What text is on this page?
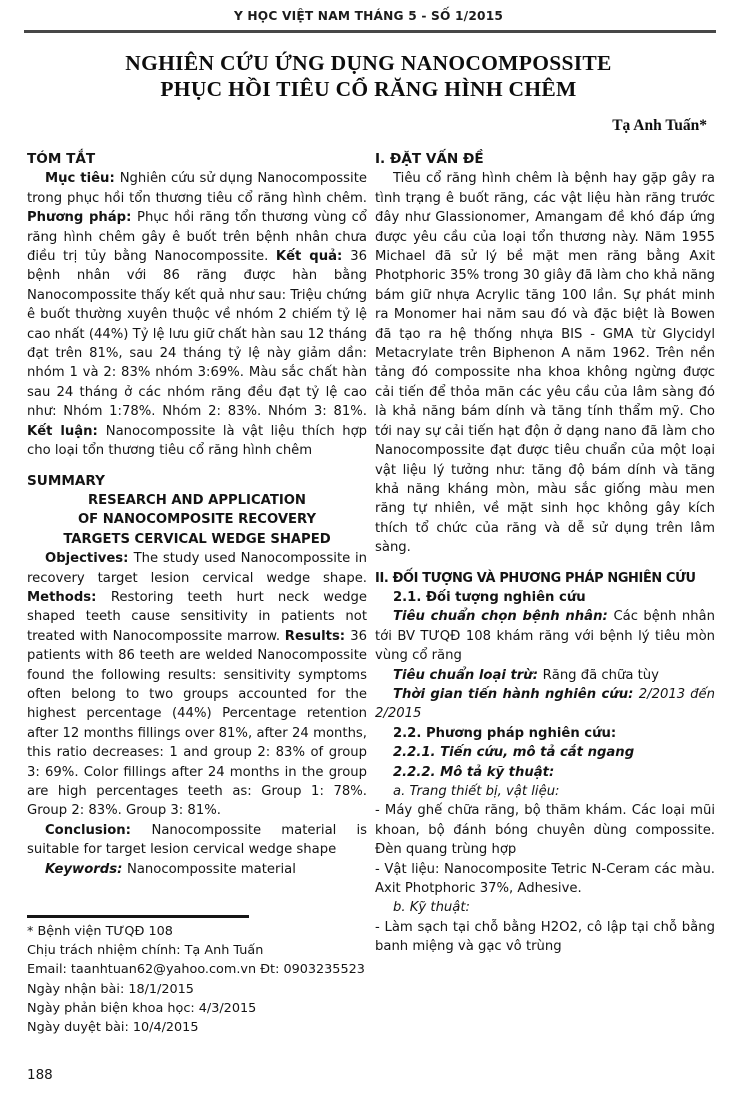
Y HỌC VIỆT NAM THÁNG 5 - SỐ 1/2015
NGHIÊN CỨU ỨNG DỤNG NANOCOMPOSSITE
PHỤC HỒI TIÊU CỔ RĂNG HÌNH CHÊM
Tạ Anh Tuấn*
TÓM TẮT

Mục tiêu: Nghiên cứu sử dụng Nanocompossite trong phục hồi tổn thương tiêu cổ răng hình chêm. Phương pháp: Phục hồi răng tổn thương vùng cổ răng hình chêm gây ê buốt trên bệnh nhân chưa điều trị tủy bằng Nanocompossite. Kết quả: 36 bệnh nhân với 86 răng được hàn bằng Nanocompossite thấy kết quả như sau: Triệu chứng ê buốt thường xuyên thuộc về nhóm 2 chiếm tỷ lệ cao nhất (44%) Tỷ lệ lưu giữ chất hàn sau 12 tháng đạt trên 81%, sau 24 tháng tỷ lệ này giảm dần: nhóm 1 và 2: 83% nhóm 3:69%. Màu sắc chất hàn sau 24 tháng ở các nhóm răng đều đạt tỷ lệ cao như: Nhóm 1:78%. Nhóm 2: 83%. Nhóm 3: 81%. Kết luận: Nanocompossite là vật liệu thích hợp cho loại tổn thương tiêu cổ răng hình chêm

SUMMARY
RESEARCH AND APPLICATION
OF NANOCOMPOSITE RECOVERY
TARGETS CERVICAL WEDGE SHAPED

Objectives: The study used Nanocompossite in recovery target lesion cervical wedge shape. Methods: Restoring teeth hurt neck wedge shaped teeth cause sensitivity in patients not treated with Nanocompossite marrow. Results: 36 patients with 86 teeth are welded Nanocompossite found the following results: sensitivity symptoms often belong to two groups accounted for the highest percentage (44%) Percentage retention after 12 months fillings over 81%, after 24 months, this ratio decreases: 1 and group 2: 83% of group 3: 69%. Color fillings after 24 months in the group are high percentages teeth as: Group 1: 78%. Group 2: 83%. Group 3: 81%.

Conclusion: Nanocompossite material is suitable for target lesion cervical wedge shape

Keywords: Nanocompossite material

* Bệnh viện TƯQĐ 108
Chịu trách nhiệm chính: Tạ Anh Tuấn
Email: taanhtuan62@yahoo.com.vn Đt: 0903235523
Ngày nhận bài: 18/1/2015
Ngày phản biện khoa học: 4/3/2015
Ngày duyệt bài: 10/4/2015
I. ĐẶT VẤN ĐỀ

Tiêu cổ răng hình chêm là bệnh hay gặp gây ra tình trạng ê buốt răng, các vật liệu hàn răng trước đây như Glassionomer, Amangam đề khó đáp ứng được yêu cầu của loại tổn thương này. Năm 1955 Michael đã sử lý bề mặt men răng bằng Axit Photphoric 35% trong 30 giây đã làm cho khả năng bám giữ nhựa Acrylic tăng 100 lần. Sự phát minh ra Monomer hai năm sau đó và đặc biệt là Bowen đã tạo ra hệ thống nhựa BIS - GMA từ Glycidyl Metacrylate trên Biphenon A năm 1962. Trên nền tảng đó compossite nha khoa không ngừng được cải tiến để thỏa mãn các yêu cầu của lâm sàng đó là khả năng bám dính và tăng tính thẩm mỹ. Cho tới nay sự cải tiến hạt độn ở dạng nano đã làm cho Nanocompossite đạt được tiêu chuẩn của một loại vật liệu lý tưởng như: tăng độ bám dính và tăng khả năng kháng mòn, màu sắc giống màu men răng tự nhiên, về mặt sinh học không gây kích thích tổ chức của răng và dễ sử dụng trên lâm sàng.

II. ĐỐI TƯỢNG VÀ PHƯƠNG PHÁP NGHIÊN CỨU
2.1. Đối tượng nghiên cứu

Tiêu chuẩn chọn bệnh nhân: Các bệnh nhân tới BV TƯQĐ 108 khám răng với bệnh lý tiêu mòn vùng cổ răng

Tiêu chuẩn loại trừ: Răng đã chữa tùy

Thời gian tiến hành nghiên cứu: 2/2013 đến 2/2015

2.2. Phương pháp nghiên cứu:
2.2.1. Tiến cứu, mô tả cắt ngang
2.2.2. Mô tả kỹ thuật:
a. Trang thiết bị, vật liệu:

- Máy ghế chữa răng, bộ thăm khám. Các loại mũi khoan, bộ đánh bóng chuyên dùng compossite. Đèn quang trùng hợp

- Vật liệu: Nanocomposite Tetric N-Ceram các màu. Axit Photphoric 37%, Adhesive.

b. Kỹ thuật:

- Làm sạch tại chỗ bằng H2O2, cô lập tại chỗ bằng banh miệng và gạc vô trùng

188
